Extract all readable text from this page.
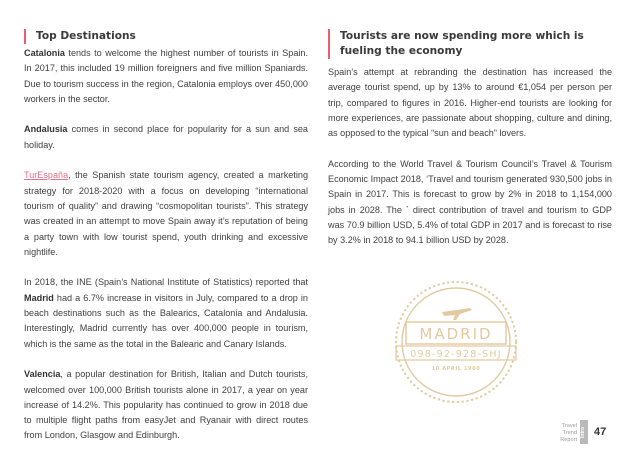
Top Destinations

Catalonia tends to welcome the highest number of tourists in Spain. In 2017, this included 19 million foreigners and five million Spaniards. Due to tourism success in the region, Catalonia employs over 450,000 workers in the sector.

Andalusia comes in second place for popularity for a sun and sea holiday.

TurEspaña, the Spanish state tourism agency, created a marketing strategy for 2018-2020 with a focus on developing “international tourism of quality” and drawing “cosmopolitan tourists”. This strategy was created in an attempt to move Spain away it’s reputation of being a party town with low tourist spend, youth drinking and excessive nightlife.

In 2018, the INE (Spain’s National Institute of Statistics) reported that Madrid had a 6.7% increase in visitors in July, compared to a drop in beach destinations such as the Balearics, Catalonia and Andalusia. Interestingly, Madrid currently has over 400,000 people in tourism, which is the same as the total in the Balearic and Canary Islands.

Valencia, a popular destination for British, Italian and Dutch tourists, welcomed over 100,000 British tourists alone in 2017, a year on year increase of 14.2%. This popularity has continued to grow in 2018 due to multiple flight paths from easyJet and Ryanair with direct routes from London, Glasgow and Edinburgh.

Tourists are now spending more which is fueling the economy

Spain’s attempt at rebranding the destination has increased the average tourist spend, up by 13% to around €1,054 per person per trip, compared to figures in 2016. Higher-end tourists are looking for more experiences, are passionate about shopping, culture and dining, as opposed to the typical “sun and beach” lovers.

According to the World Travel & Tourism Council’s Travel & Tourism Economic Impact 2018, ‘Travel and tourism generated 930,500 jobs in Spain in 2017. This is forecast to grow by 2% in 2018 to 1,154,000 jobs in 2028. The ` direct contribution of travel and tourism to GDP was 70.9 billion USD, 5.4% of total GDP in 2017 and is forecast to rise by 3.2% in 2018 to 94.1 billion USD by 2028.

MADRID
098-92-928-SHJ
10 APRIL 1980
Travel
Trend
Report
Intro 47
